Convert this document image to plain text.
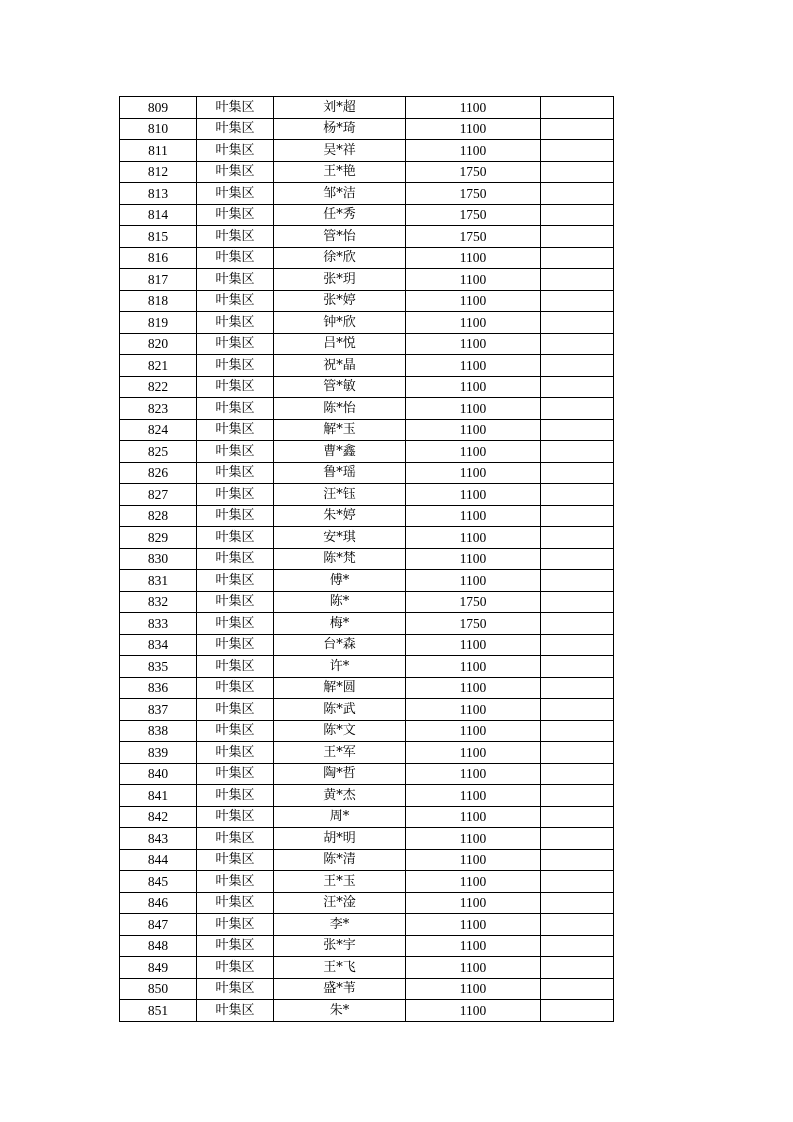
809	叶集区	刘*超	1100	
810	叶集区	杨*琦	1100	
811	叶集区	吴*祥	1100	
812	叶集区	王*艳	1750	
813	叶集区	邹*洁	1750	
814	叶集区	任*秀	1750	
815	叶集区	管*怡	1750	
816	叶集区	徐*欣	1100	
817	叶集区	张*玥	1100	
818	叶集区	张*婷	1100	
819	叶集区	钟*欣	1100	
820	叶集区	吕*悦	1100	
821	叶集区	祝*晶	1100	
822	叶集区	管*敏	1100	
823	叶集区	陈*怡	1100	
824	叶集区	解*玉	1100	
825	叶集区	曹*鑫	1100	
826	叶集区	鲁*瑶	1100	
827	叶集区	汪*钰	1100	
828	叶集区	朱*婷	1100	
829	叶集区	安*琪	1100	
830	叶集区	陈*梵	1100	
831	叶集区	傅*	1100	
832	叶集区	陈*	1750	
833	叶集区	梅*	1750	
834	叶集区	台*森	1100	
835	叶集区	许*	1100	
836	叶集区	解*圆	1100	
837	叶集区	陈*武	1100	
838	叶集区	陈*文	1100	
839	叶集区	王*军	1100	
840	叶集区	陶*哲	1100	
841	叶集区	黄*杰	1100	
842	叶集区	周*	1100	
843	叶集区	胡*明	1100	
844	叶集区	陈*清	1100	
845	叶集区	王*玉	1100	
846	叶集区	汪*淦	1100	
847	叶集区	李*	1100	
848	叶集区	张*宇	1100	
849	叶集区	王*飞	1100	
850	叶集区	盛*苇	1100	
851	叶集区	朱*	1100	
